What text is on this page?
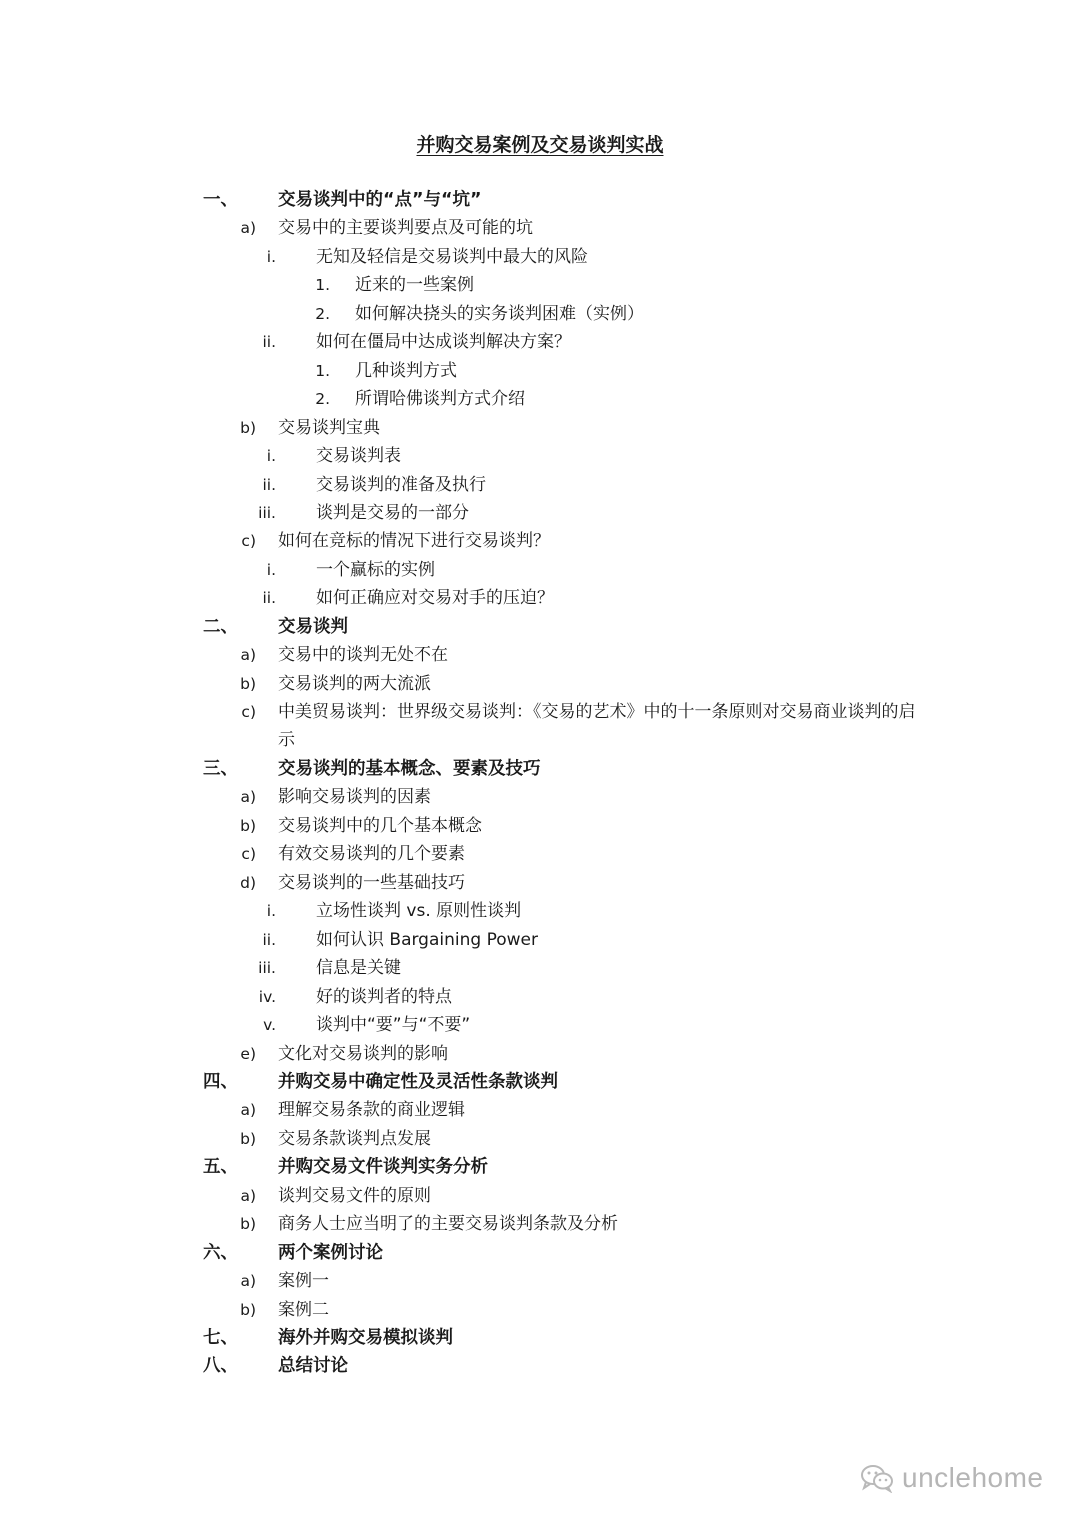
并购交易案例及交易谈判实战
一、 交易谈判中的“点”与“坑”
a) 交易中的主要谈判要点及可能的坑
i. 无知及轻信是交易谈判中最大的风险
1. 近来的一些案例
2. 如何解决挠头的实务谈判困难（实例）
ii. 如何在僵局中达成谈判解决方案？
1. 几种谈判方式
2. 所谓哈佛谈判方式介绍
b) 交易谈判宝典
i. 交易谈判表
ii. 交易谈判的准备及执行
iii. 谈判是交易的一部分
c) 如何在竞标的情况下进行交易谈判？
i. 一个赢标的实例
ii. 如何正确应对交易对手的压迫？
二、 交易谈判
a) 交易中的谈判无处不在
b) 交易谈判的两大流派
c) 中美贸易谈判：世界级交易谈判：《交易的艺术》中的十一条原则对交易商业谈判的启示
三、 交易谈判的基本概念、要素及技巧
a) 影响交易谈判的因素
b) 交易谈判中的几个基本概念
c) 有效交易谈判的几个要素
d) 交易谈判的一些基础技巧
i. 立场性谈判 vs. 原则性谈判
ii. 如何认识 Bargaining Power
iii. 信息是关键
iv. 好的谈判者的特点
v. 谈判中“要”与“不要”
e) 文化对交易谈判的影响
四、 并购交易中确定性及灵活性条款谈判
a) 理解交易条款的商业逻辑
b) 交易条款谈判点发展
五、 并购交易文件谈判实务分析
a) 谈判交易文件的原则
b) 商务人士应当明了的主要交易谈判条款及分析
六、 两个案例讨论
a) 案例一
b) 案例二
七、 海外并购交易模拟谈判
八、 总结讨论
unclehome
